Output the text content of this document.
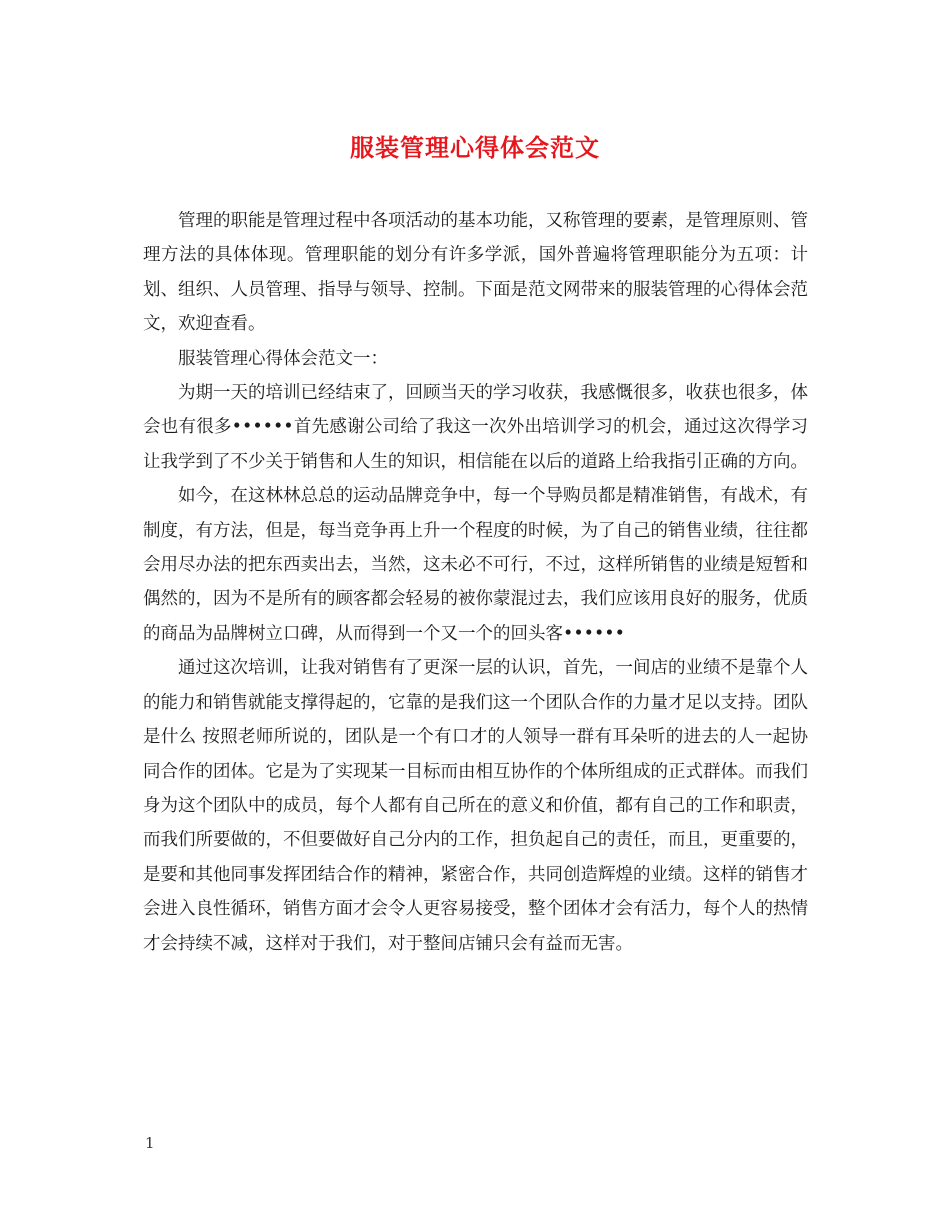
服装管理心得体会范文

管理的职能是管理过程中各项活动的基本功能，又称管理的要素，是管理原则、管理方法的具体体现。管理职能的划分有许多学派，国外普遍将管理职能分为五项：计划、组织、人员管理、指导与领导、控制。下面是范文网带来的服装管理的心得体会范文，欢迎查看。

服装管理心得体会范文一：

为期一天的培训已经结束了，回顾当天的学习收获，我感慨很多，收获也很多，体会也有很多••••••首先感谢公司给了我这一次外出培训学习的机会，通过这次得学习让我学到了不少关于销售和人生的知识，相信能在以后的道路上给我指引正确的方向。

如今，在这林林总总的运动品牌竞争中，每一个导购员都是精准销售，有战术，有制度，有方法，但是，每当竞争再上升一个程度的时候，为了自己的销售业绩，往往都会用尽办法的把东西卖出去，当然，这未必不可行，不过，这样所销售的业绩是短暂和偶然的，因为不是所有的顾客都会轻易的被你蒙混过去，我们应该用良好的服务，优质的商品为品牌树立口碑，从而得到一个又一个的回头客••••••

通过这次培训，让我对销售有了更深一层的认识，首先，一间店的业绩不是靠个人的能力和销售就能支撑得起的，它靠的是我们这一个团队合作的力量才足以支持。团队是什么 按照老师所说的，团队是一个有口才的人领导一群有耳朵听的进去的人一起协同合作的团体。它是为了实现某一目标而由相互协作的个体所组成的正式群体。而我们身为这个团队中的成员，每个人都有自己所在的意义和价值，都有自己的工作和职责，而我们所要做的，不但要做好自己分内的工作，担负起自己的责任，而且，更重要的，是要和其他同事发挥团结合作的精神，紧密合作，共同创造辉煌的业绩。这样的销售才会进入良性循环，销售方面才会令人更容易接受，整个团体才会有活力，每个人的热情才会持续不减，这样对于我们，对于整间店铺只会有益而无害。

1
